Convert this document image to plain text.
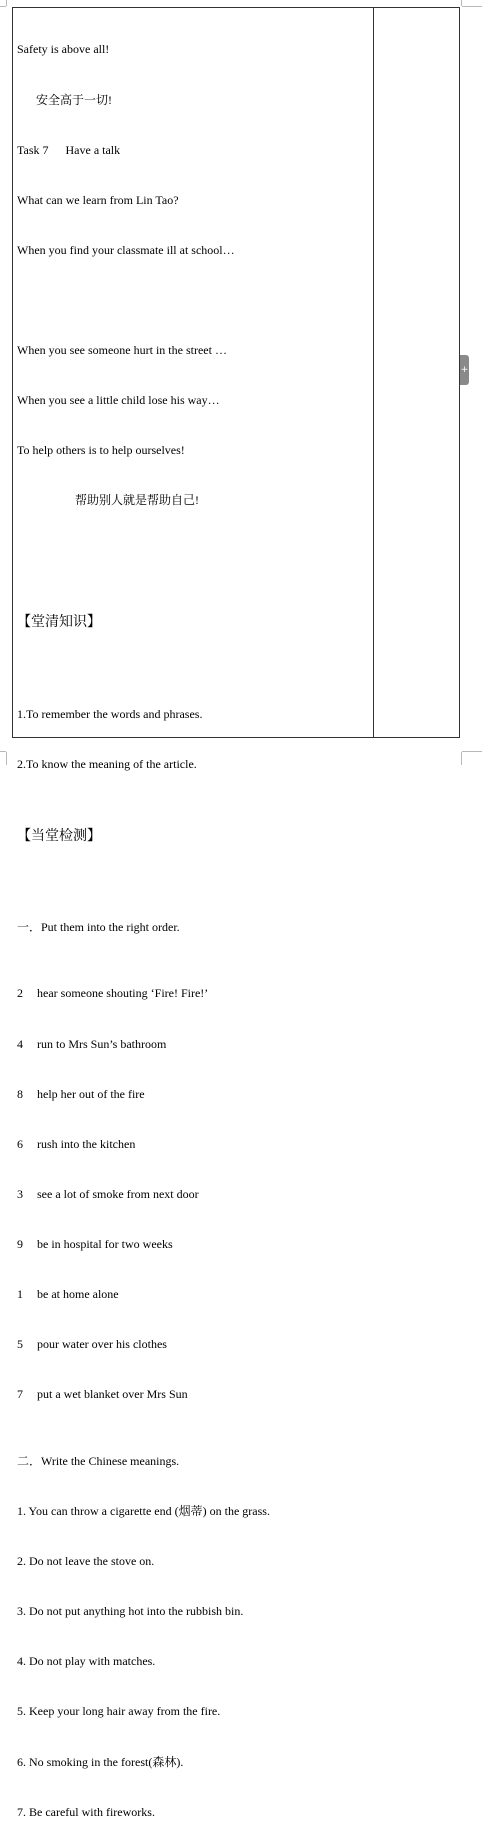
Safety is above all!

安全高于一切!

Task 7 Have a talk

What can we learn from Lin Tao?

When you find your classmate ill at school…

When you see someone hurt in the street …

When you see a little child lose his way…

To help others is to help ourselves!

帮助别人就是帮助自己!

【堂清知识】

1.To remember the words and phrases.

2.To know the meaning of the article.

【当堂检测】

一．Put them into the right order.

2 hear someone shouting ‘Fire! Fire!’

4 run to Mrs Sun’s bathroom

8 help her out of the fire

6 rush into the kitchen

3 see a lot of smoke from next door

9 be in hospital for two weeks

1 be at home alone

5 pour water over his clothes

7 put a wet blanket over Mrs Sun

二．Write the Chinese meanings.

1. You can throw a cigarette end (烟蒂) on the grass.

2. Do not leave the stove on.

3. Do not put anything hot into the rubbish bin.

4. Do not play with matches.

5. Keep your long hair away from the fire.

6. No smoking in the forest(森林).

7. Be careful with fireworks.

+
